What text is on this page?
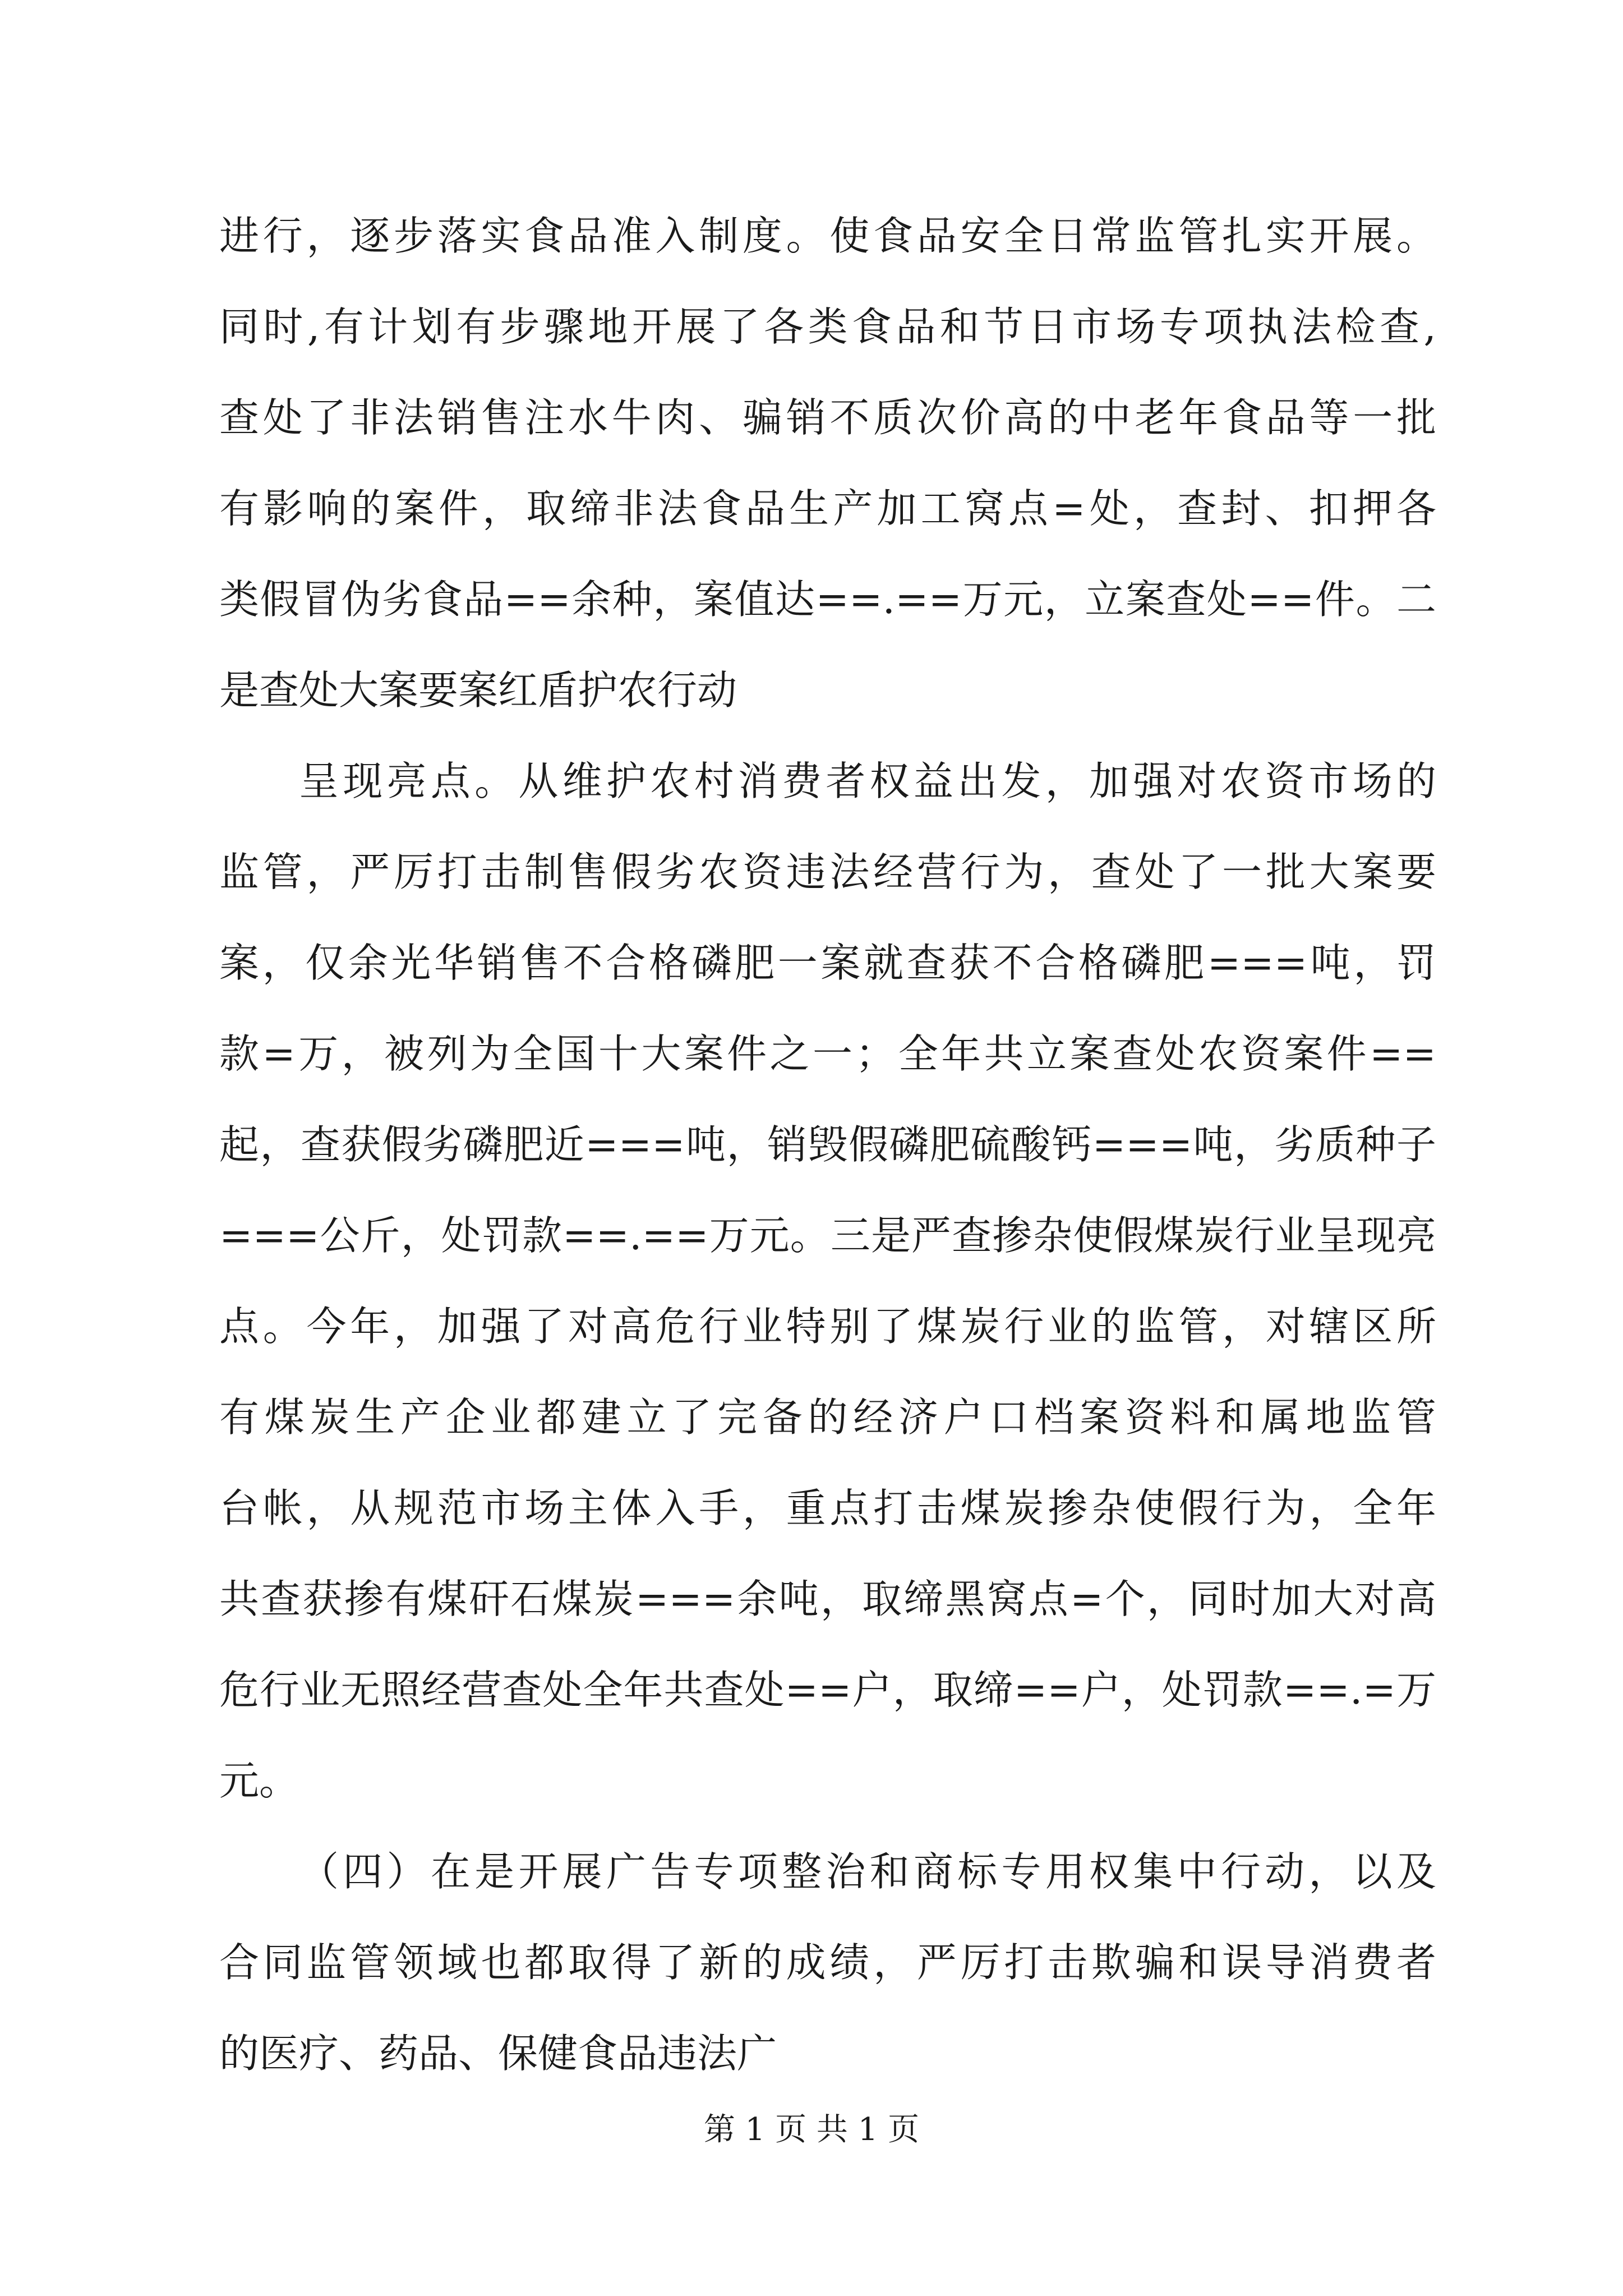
进行，逐步落实食品准入制度。使食品安全日常监管扎实开展。
同时,有计划有步骤地开展了各类食品和节日市场专项执法检查,
查处了非法销售注水牛肉、骗销不质次价高的中老年食品等一批
有影响的案件，取缔非法食品生产加工窝点=处，查封、扣押各
类假冒伪劣食品==余种，案值达==.==万元，立案查处==件。二
是查处大案要案红盾护农行动
呈现亮点。从维护农村消费者权益出发，加强对农资市场的
监管，严厉打击制售假劣农资违法经营行为，查处了一批大案要
案，仅余光华销售不合格磷肥一案就查获不合格磷肥===吨，罚
款=万，被列为全国十大案件之一；全年共立案查处农资案件==
起，查获假劣磷肥近===吨，销毁假磷肥硫酸钙===吨，劣质种子
===公斤，处罚款==.==万元。三是严查掺杂使假煤炭行业呈现亮
点。今年，加强了对高危行业特别了煤炭行业的监管，对辖区所
有煤炭生产企业都建立了完备的经济户口档案资料和属地监管
台帐，从规范市场主体入手，重点打击煤炭掺杂使假行为，全年
共查获掺有煤矸石煤炭===余吨，取缔黑窝点=个，同时加大对高
危行业无照经营查处全年共查处==户，取缔==户，处罚款==.=万
元。
（四）在是开展广告专项整治和商标专用权集中行动，以及
合同监管领域也都取得了新的成绩，严厉打击欺骗和误导消费者
的医疗、药品、保健食品违法广
第 1 页 共 1 页
